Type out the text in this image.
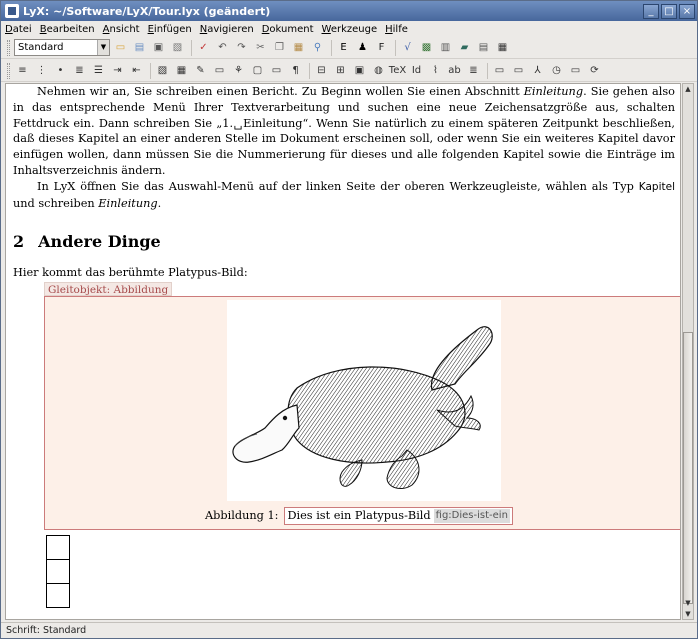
LyX: ~/Software/LyX/Tour.lyx (geändert)	_	□ ×
Datei Bearbeiten Ansicht Einfügen Navigieren Dokument Werkzeuge Hilfe
Standard	▼ ▭ ▤ ▣ ▧	✓	↶	↷	✂	❐ ▦	⚲	E	♟	F	√	▩ ▥	▰	▤ ▦
≡ ⋮	•	≣	☰	⇥	⇤	▧ ▦	✎	▭ ⚘ ▢ ▭	¶	⊟	⊞	▣ ◍ TeX Id	⌇	ab ≣	▭ ▭	⅄	◷ ▭	⟳

Nehmen wir an, Sie schreiben einen Bericht. Zu Beginn wollen Sie einen Abschnitt Einleitung. Sie gehen also in das entsprechende Menü Ihrer Textverarbeitung und suchen eine neue Zeichensatzgröße aus, schalten Fettdruck ein. Dann schreiben Sie „1.␣Einleitung“. Wenn Sie natürlich zu einem späteren Zeitpunkt beschließen, daß dieses Kapitel an einer anderen Stelle im Dokument erscheinen soll, oder wenn Sie ein weiteres Kapitel davor einfügen wollen, dann müssen Sie die Nummerierung für dieses und alle folgenden Kapitel sowie die Einträge im Inhaltsverzeichnis ändern.

In LyX öffnen Sie das Auswahl-Menü auf der linken Seite der oberen Werkzeugleiste, wählen als Typ Kapitel und schreiben Einleitung.

2 Andere Dinge
Hier kommt das berühmte Platypus-Bild:
Gleitobjekt: Abbildung
Abbildung 1: Dies ist ein Platypus-Bild fig:Dies-ist-ein
▲
▼
▼
Schrift: Standard
